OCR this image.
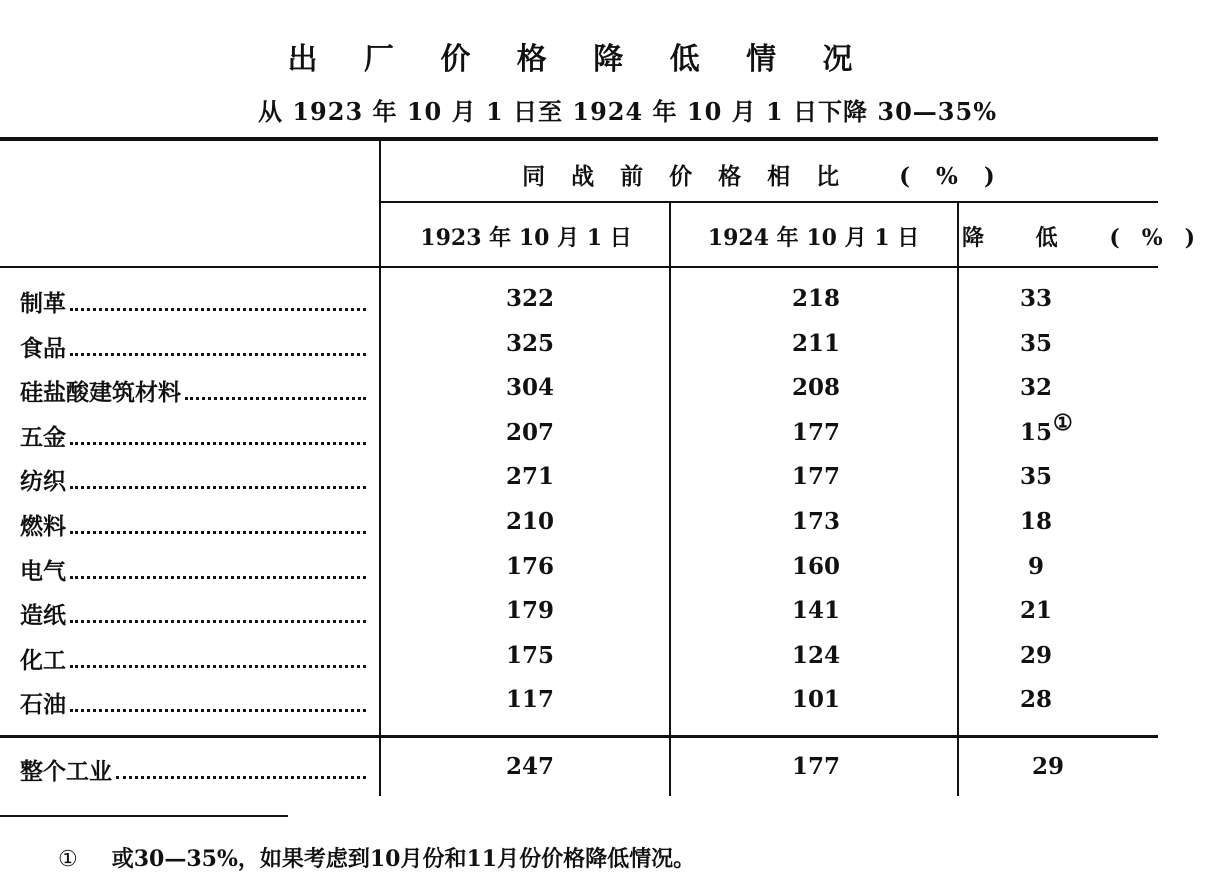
出 厂 价 格 降 低 情 况
从 1923 年 10 月 1 日至 1924 年 10 月 1 日下降 30—35%
同战前价格相比 (%)
1923 年 10 月 1 日	1924 年 10 月 1 日	降 低 (%)
制革	322	218	33
食品	325	211	35
硅盐酸建筑材料	304	208	32
五金	207	177	15①
纺织	271	177	35
燃料	210	173	18
电气	176	160	9
造纸	179	141	21
化工	175	124	29
石油	117	101	28
整个工业	247	177	29
① 或30—35%，如果考虑到10月份和11月份价格降低情况。
